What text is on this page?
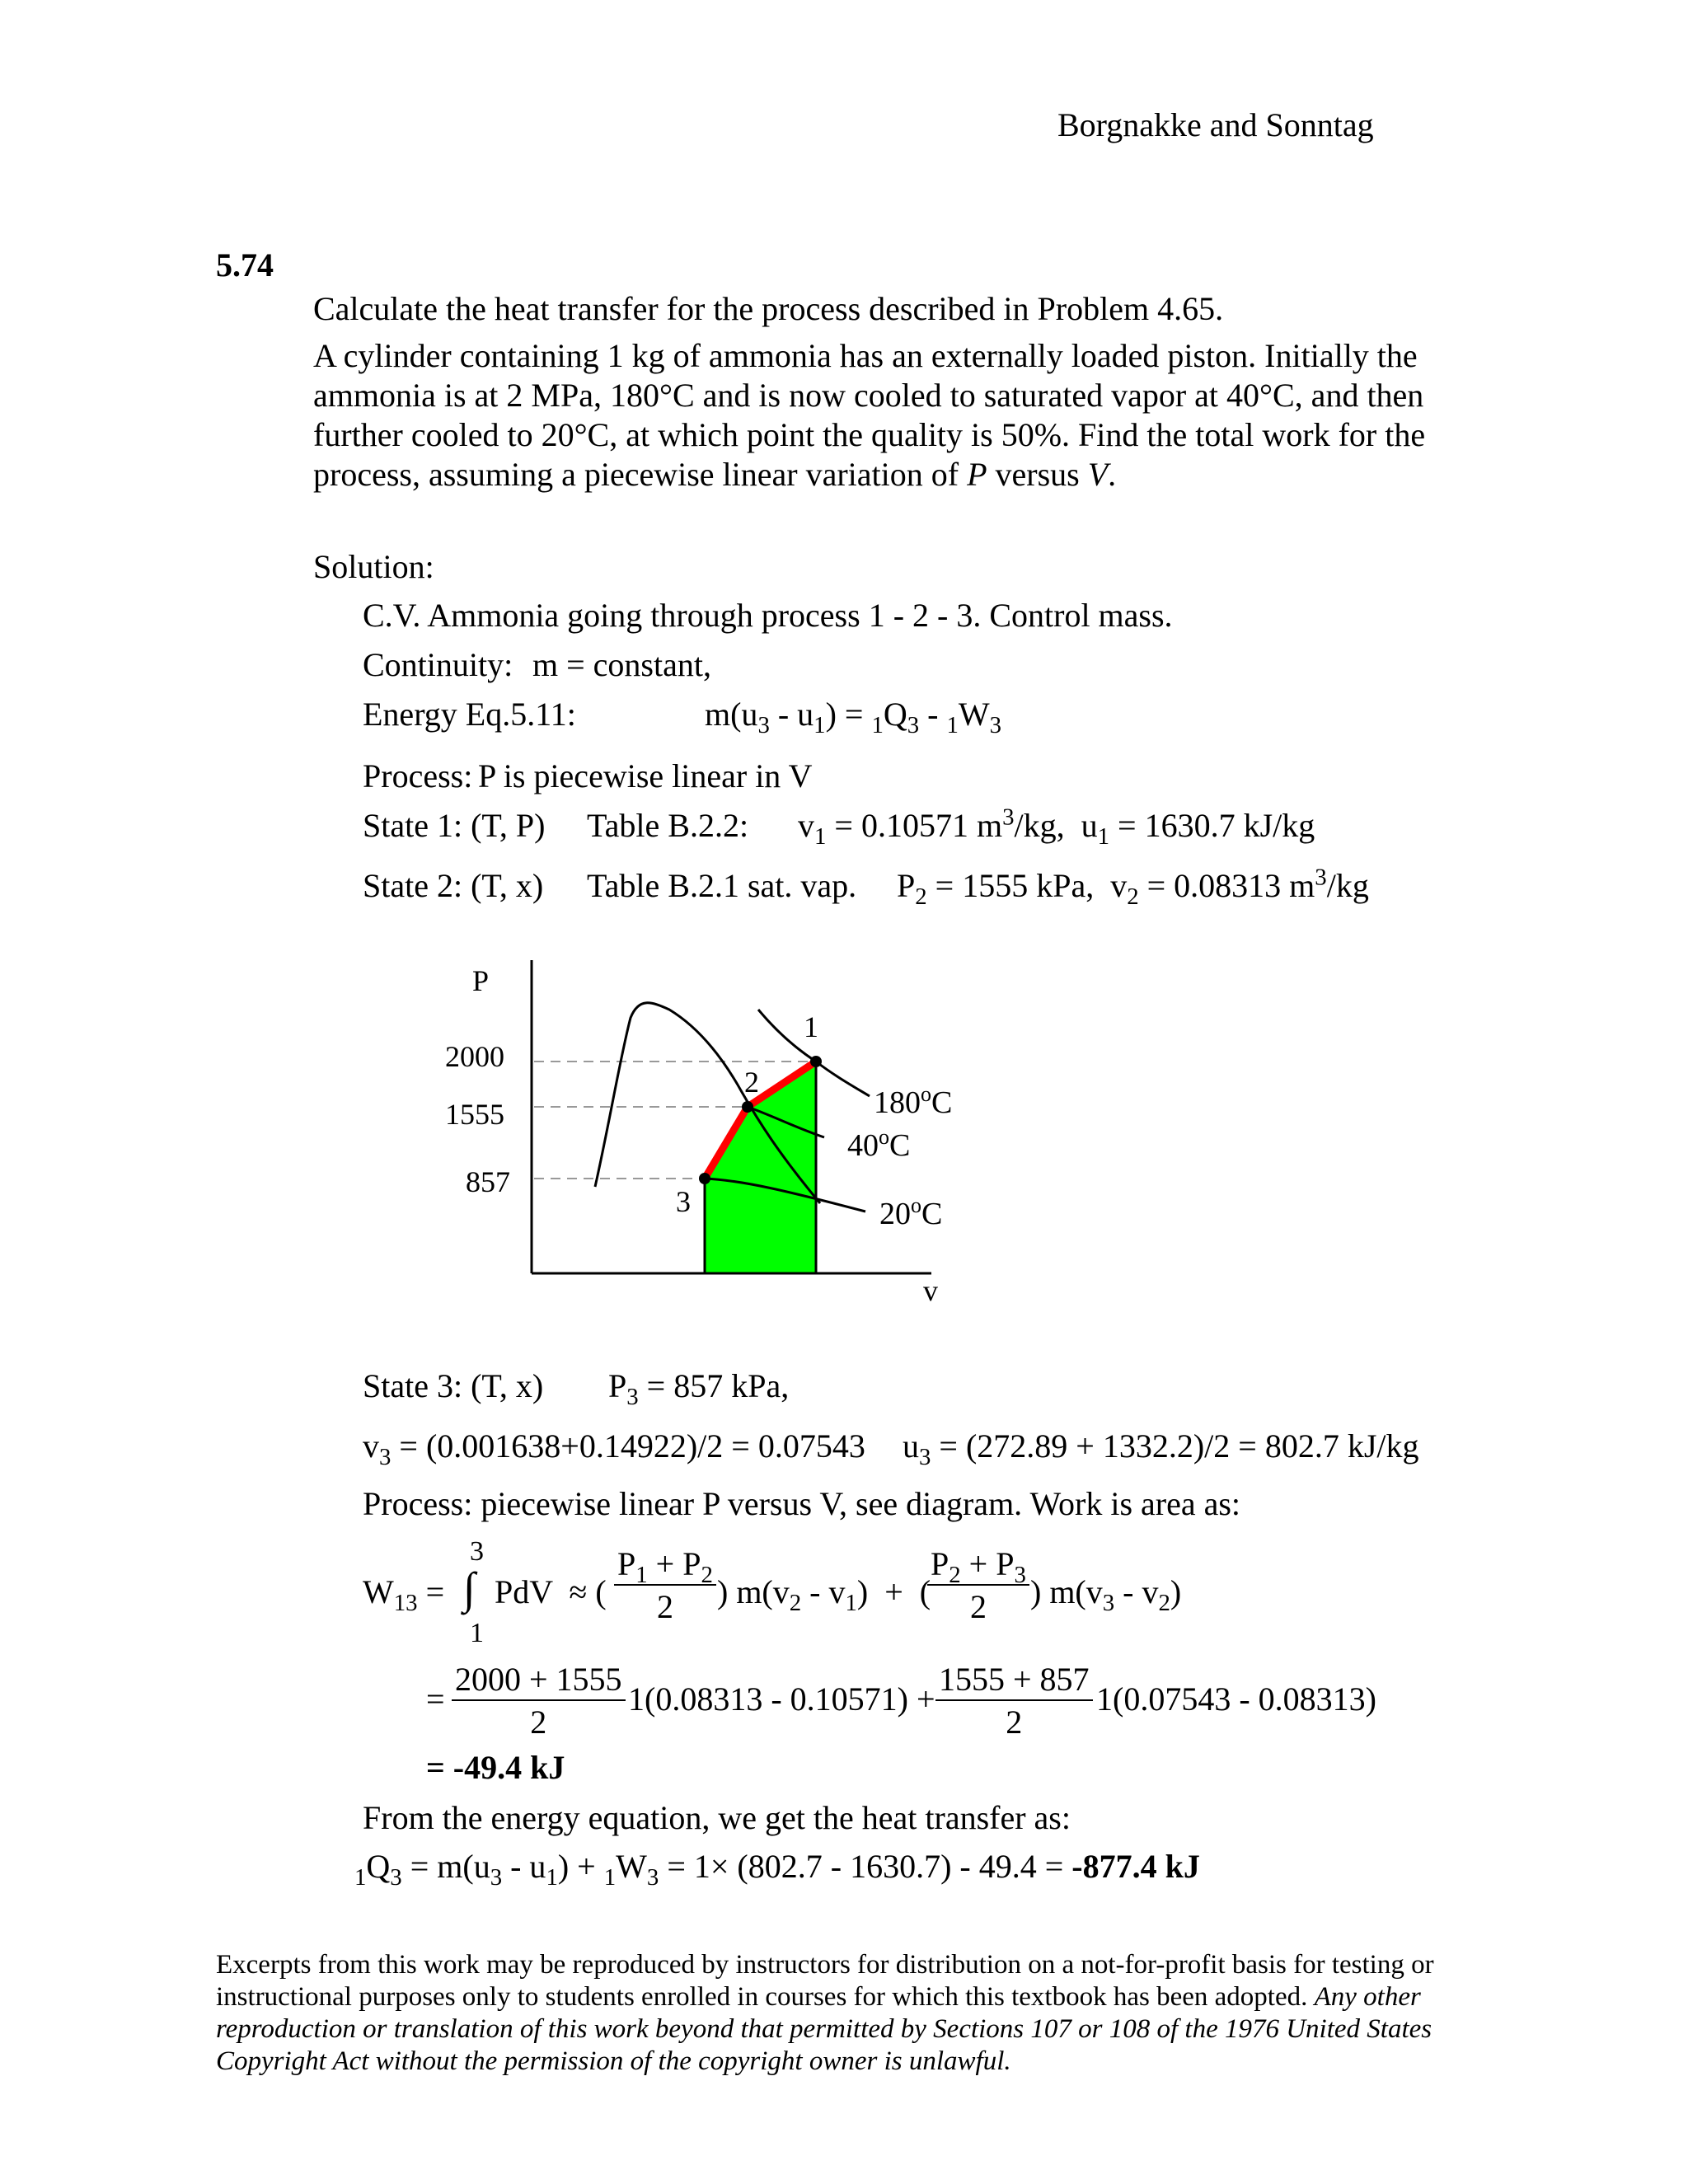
Borgnakke and Sonntag
5.74
Calculate the heat transfer for the process described in Problem 4.65.
A cylinder containing 1 kg of ammonia has an externally loaded piston. Initially the
ammonia is at 2 MPa, 180°C and is now cooled to saturated vapor at 40°C, and then
further cooled to 20°C, at which point the quality is 50%. Find the total work for the
process, assuming a piecewise linear variation of P versus V.
Solution:
C.V. Ammonia going through process 1 - 2 - 3. Control mass.
Continuity: m = constant,
Energy Eq.5.11:	$m(u_3 - u_1) = _1Q_3 - _1W_3$
Process: P is piecewise linear in V
State 1: (T, P) Table B.2.2: $v_1 = 0.10571$ $m^3/kg$,  $u_1 = 1630.7$ kJ/kg
State 2: (T, x) Table B.2.1 sat. vap. $P_2 = 1555$ kPa,  $v_2 = 0.08313$ $m^3/kg$
P
v
2000
1555
857
1
2
3
180$^o$C
40$^o$C
20$^o$C
State 3: (T, x) $P_3 = 857$ kPa,
$v_3 = (0.001638+0.14922)/2 = 0.07543$ $u_3 = (272.89 + 1332.2)/2 = 802.7$ kJ/kg
Process: piecewise linear P versus V, see diagram. Work is area as:
$W_{13}$ = ∫
3
1
PdV  ≈ ( $\frac{P_1 + P_2}{2}$ ) $m(v_2 - v_1)$  +  (
$\frac{P_2 + P_3}{2}$ ) $m(v_3 - v_2)$
= $\frac{2000 + 1555}{2} 1(0.08313 - 0.10571) + \frac{1555 + 857}{2} 1(0.07543 - 0.08313)$
= -49.4 kJ
From the energy equation, we get the heat transfer as:
$_1Q_3 = m(u_3 - u_1) + _1W_3 = 1\times (802.7 - 1630.7) - 49.4 = -877.4$ kJ
Excerpts from this work may be reproduced by instructors for distribution on a not-for-profit basis for testing or instructional purposes only to students enrolled in courses for which this textbook has been adopted. Any other reproduction or translation of this work beyond that permitted by Sections 107 or 108 of the 1976 United States Copyright Act without the permission of the copyright owner is unlawful.
